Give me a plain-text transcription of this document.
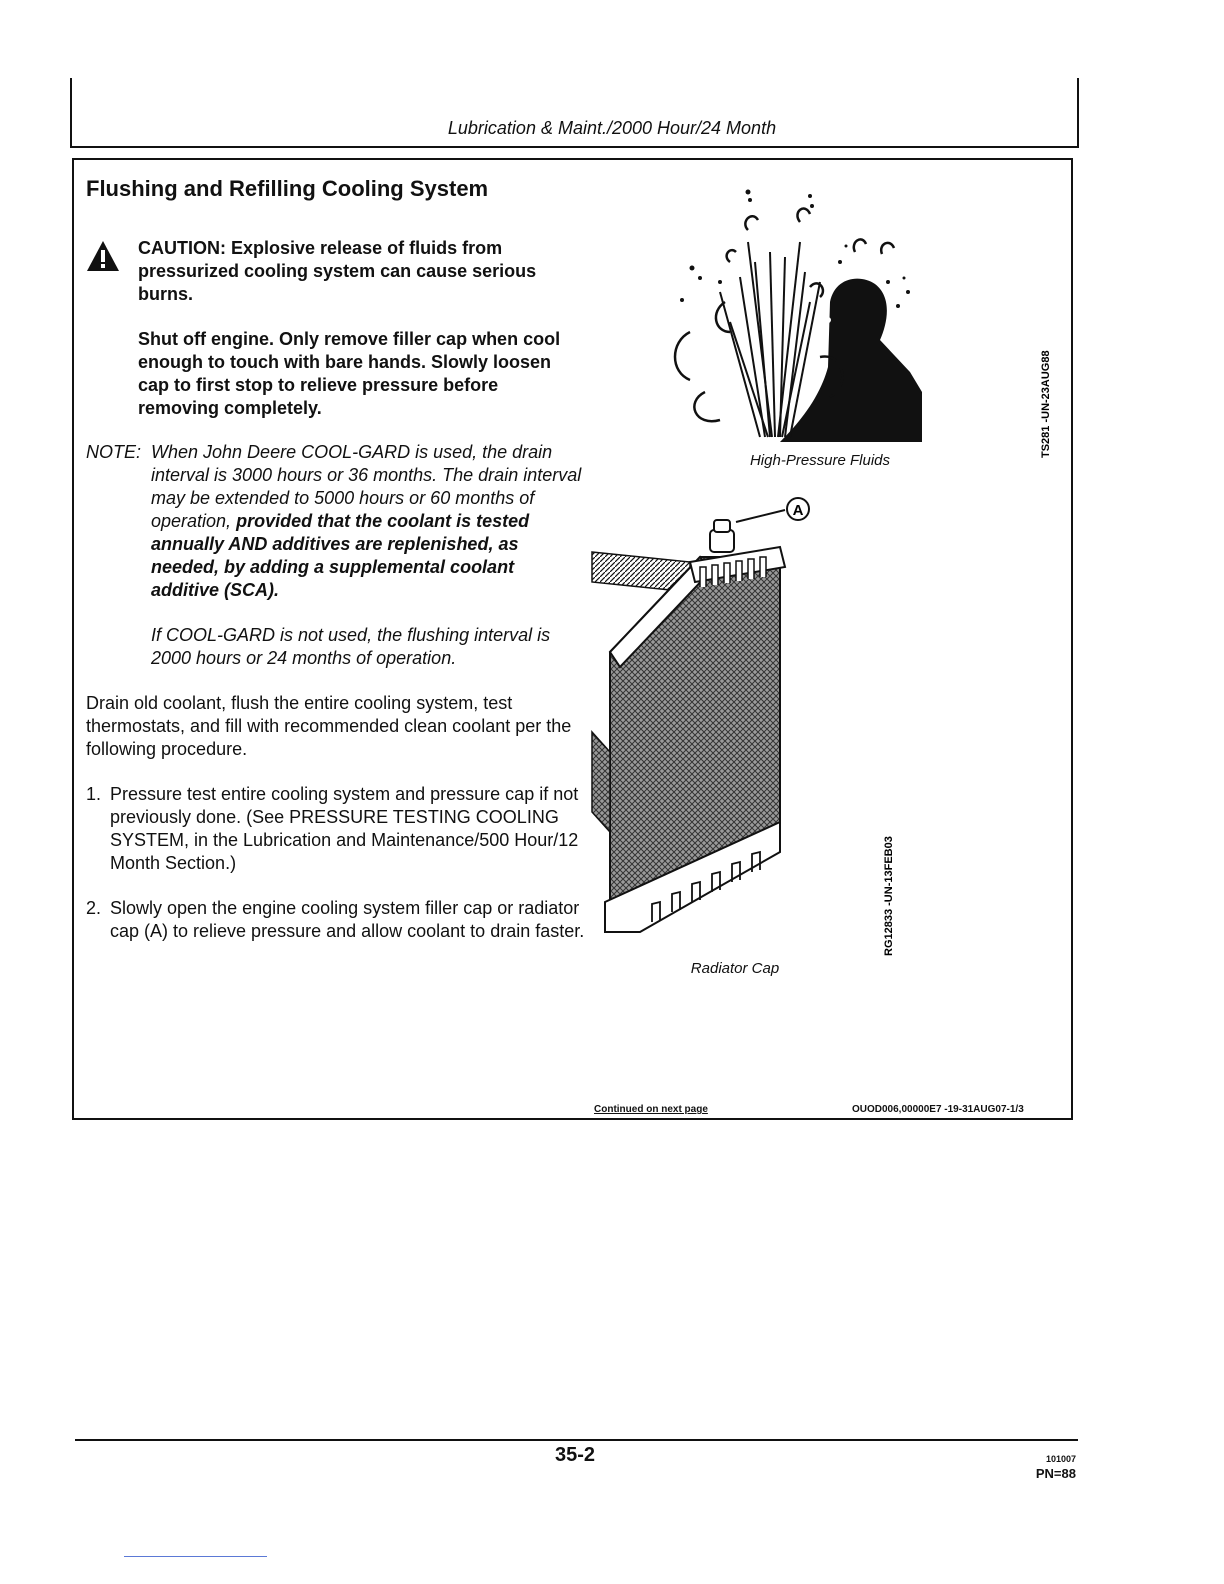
Lubrication & Maint./2000 Hour/24 Month
Flushing and Refilling Cooling System

CAUTION: Explosive release of fluids from pressurized cooling system can cause serious burns.

Shut off engine. Only remove filler cap when cool enough to touch with bare hands. Slowly loosen cap to first stop to relieve pressure before removing completely.

NOTE: When John Deere COOL-GARD is used, the drain interval is 3000 hours or 36 months. The drain interval may be extended to 5000 hours or 60 months of operation, provided that the coolant is tested annually AND additives are replenished, as needed, by adding a supplemental coolant additive (SCA).

If COOL-GARD is not used, the flushing interval is 2000 hours or 24 months of operation.

Drain old coolant, flush the entire cooling system, test thermostats, and fill with recommended clean coolant per the following procedure.
1. Pressure test entire cooling system and pressure cap if not previously done. (See PRESSURE TESTING COOLING SYSTEM, in the Lubrication and Maintenance/500 Hour/12 Month Section.)
2. Slowly open the engine cooling system filler cap or radiator cap (A) to relieve pressure and allow coolant to drain faster.
High-Pressure Fluids
TS281 -UN-23AUG88
A
Radiator Cap
RG12833 -UN-13FEB03
Continued on next page	OUOD006,00000E7 -19-31AUG07-1/3
35-2	101007
PN=88
